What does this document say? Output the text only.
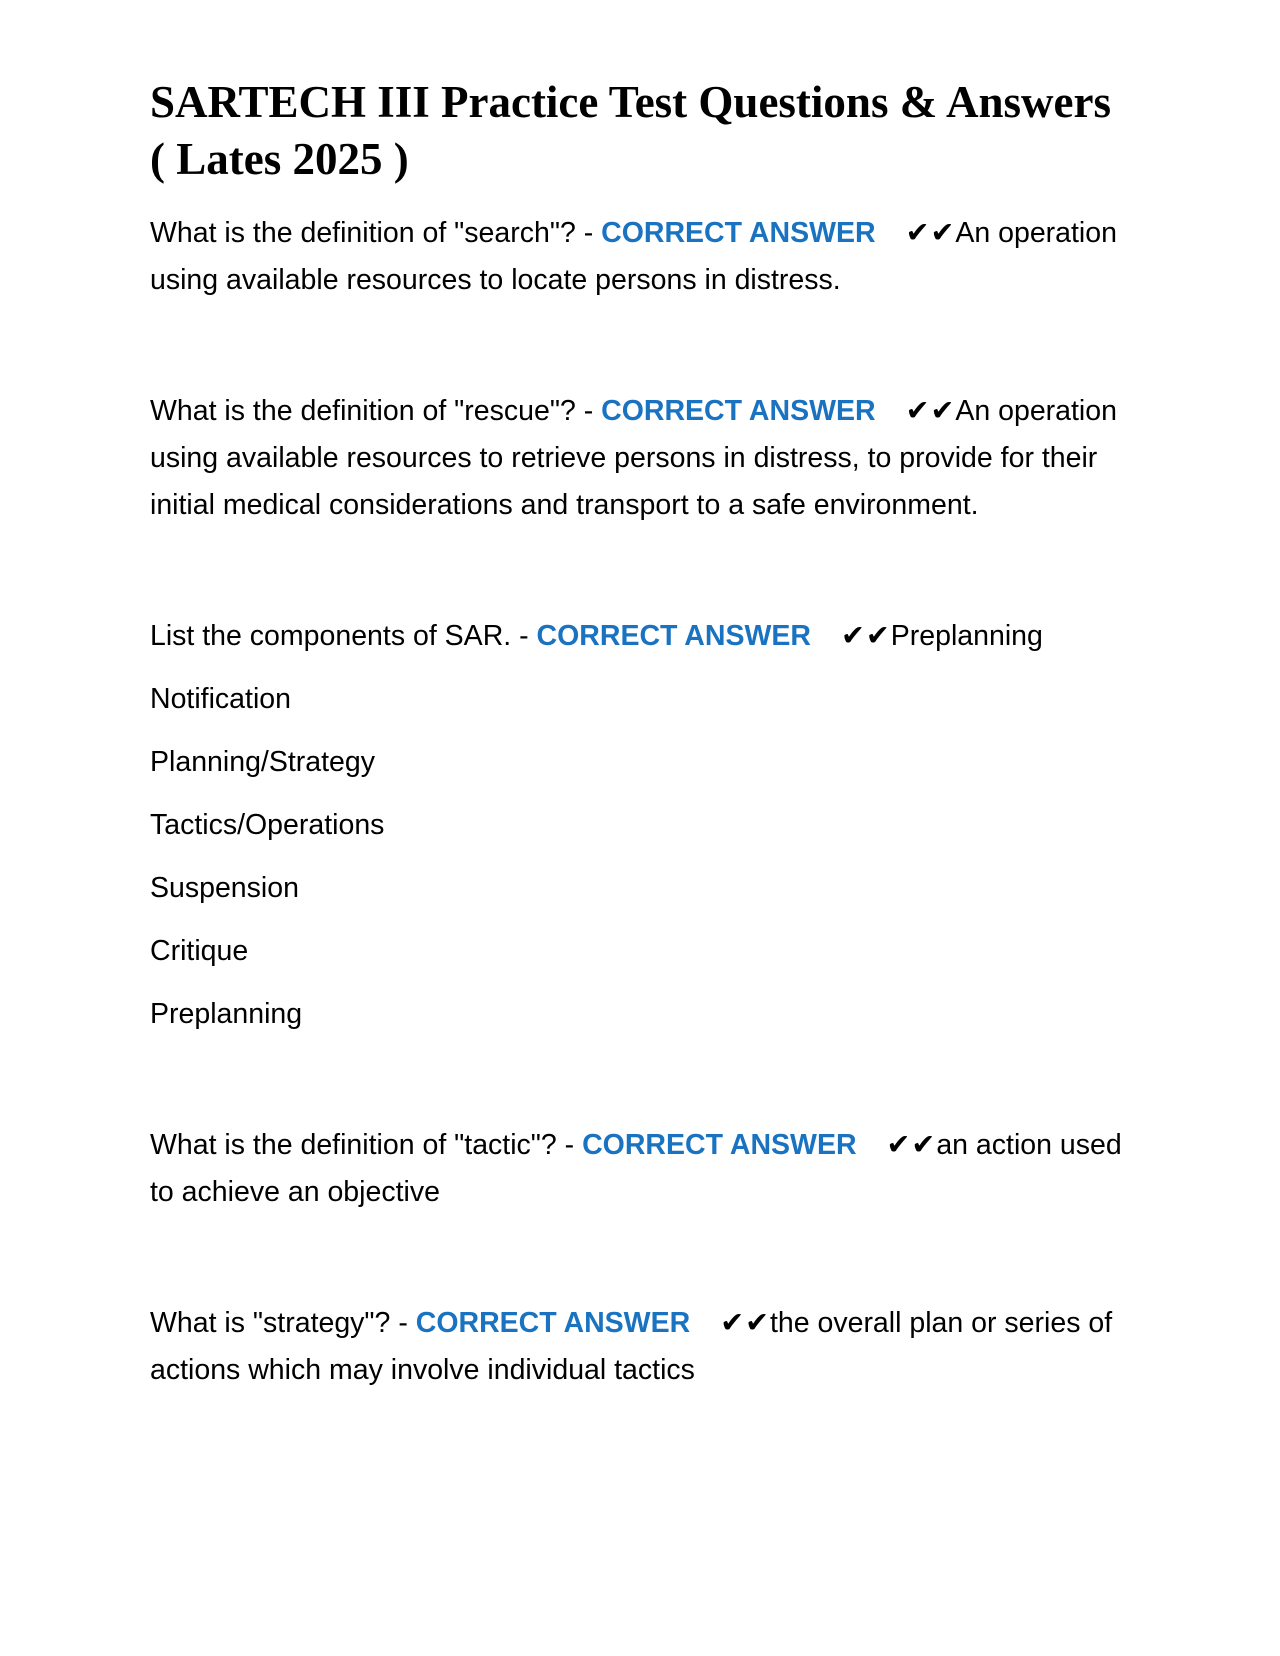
SARTECH III Practice Test Questions & Answers ( Lates 2025 )

What is the definition of "search"? - CORRECT ANSWER ✔✔An operation using available resources to locate persons in distress.

What is the definition of "rescue"? - CORRECT ANSWER ✔✔An operation using available resources to retrieve persons in distress, to provide for their initial medical considerations and transport to a safe environment.

List the components of SAR. - CORRECT ANSWER ✔✔Preplanning
Notification
Planning/Strategy
Tactics/Operations
Suspension
Critique
Preplanning

What is the definition of "tactic"? - CORRECT ANSWER ✔✔an action used to achieve an objective

What is "strategy"? - CORRECT ANSWER ✔✔the overall plan or series of actions which may involve individual tactics
